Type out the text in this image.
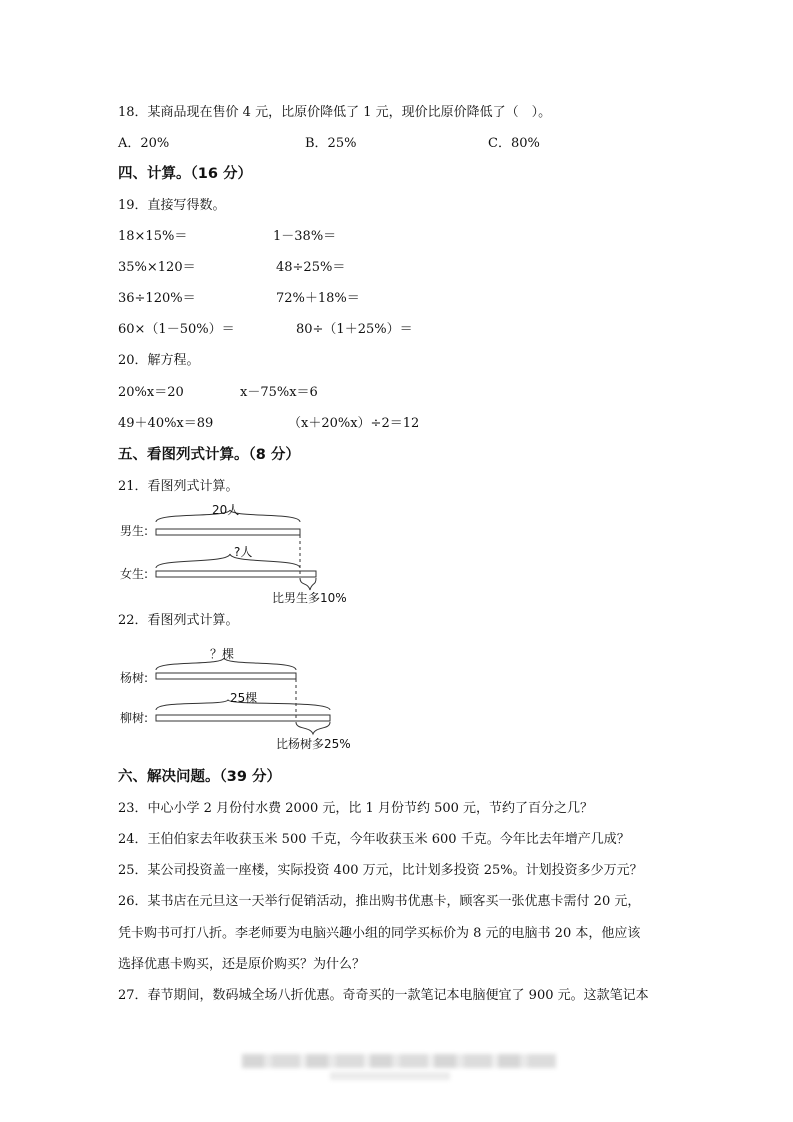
18．某商品现在售价 4 元，比原价降低了 1 元，现价比原价降低了（　）。
A．20%	B．25%	C．80%
四、计算。（16 分）
19．直接写得数。
18×15%＝	1－38%＝
35%×120＝	48÷25%＝
36÷120%＝	72%＋18%＝
60×（1－50%）＝	80÷（1＋25%）＝
20．解方程。
20%x＝20	x－75%x＝6
49＋40%x＝89	（x＋20%x）÷2＝12
五、看图列式计算。（8 分）
21．看图列式计算。
男生:
20人
女生:
?人
比男生多10%
22．看图列式计算。
？棵
杨树:
25棵
柳树:
比杨树多25%
六、解决问题。（39 分）
23．中心小学 2 月份付水费 2000 元，比 1 月份节约 500 元，节约了百分之几？
24．王伯伯家去年收获玉米 500 千克，今年收获玉米 600 千克。今年比去年增产几成？
25．某公司投资盖一座楼，实际投资 400 万元，比计划多投资 25%。计划投资多少万元？
26．某书店在元旦这一天举行促销活动，推出购书优惠卡，顾客买一张优惠卡需付 20 元，
凭卡购书可打八折。李老师要为电脑兴趣小组的同学买标价为 8 元的电脑书 20 本，他应该
选择优惠卡购买，还是原价购买？为什么？
27．春节期间，数码城全场八折优惠。奇奇买的一款笔记本电脑便宜了 900 元。这款笔记本
